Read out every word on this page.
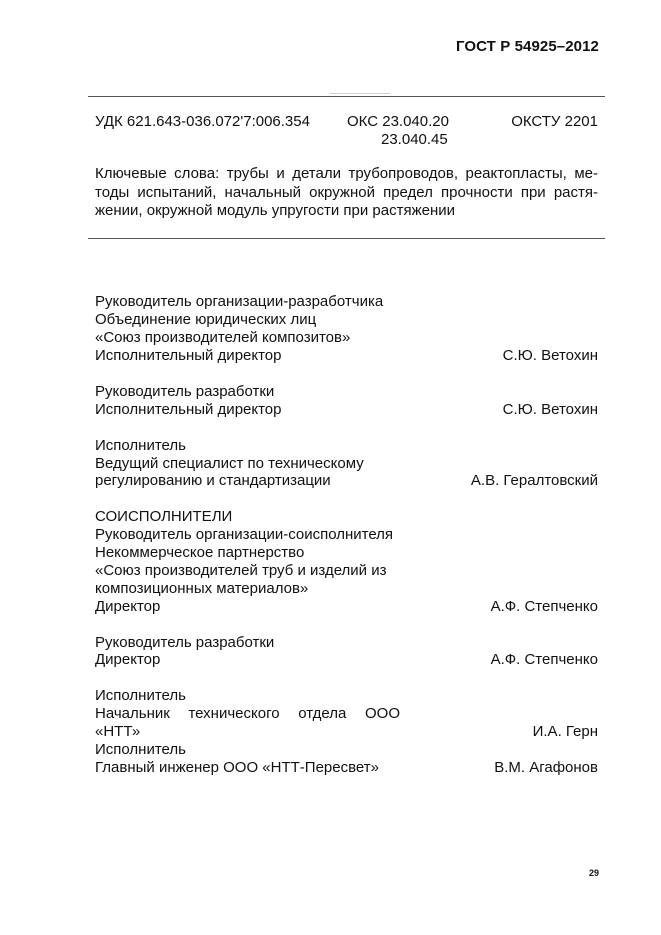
ГОСТ Р 54925–2012
УДК 621.643-036.072'7:006.354 ОКС 23.040.20
23.040.45
ОКСТУ 2201
Ключевые слова: трубы и детали трубопроводов, реактопласты, ме-
тоды испытаний, начальный окружной предел прочности при растя-
жении, окружной модуль упругости при растяжении
Руководитель организации-разработчика
Объединение юридических лиц
«Союз производителей композитов»
Исполнительный директор	С.Ю. Ветохин
Руководитель разработки
Исполнительный директор	С.Ю. Ветохин
Исполнитель
Ведущий специалист по техническому
регулированию и стандартизации	А.В. Гералтовский
СОИСПОЛНИТЕЛИ
Руководитель организации-соисполнителя
Некоммерческое партнерство
«Союз производителей труб и изделий из
композиционных материалов»
Директор	А.Ф. Степченко
Руководитель разработки
Директор	А.Ф. Степченко
Исполнитель
Начальник технического отдела ООО
«НТТ»	И.А. Герн
Исполнитель
Главный инженер ООО «НТТ-Пересвет»	В.М. Агафонов
29
